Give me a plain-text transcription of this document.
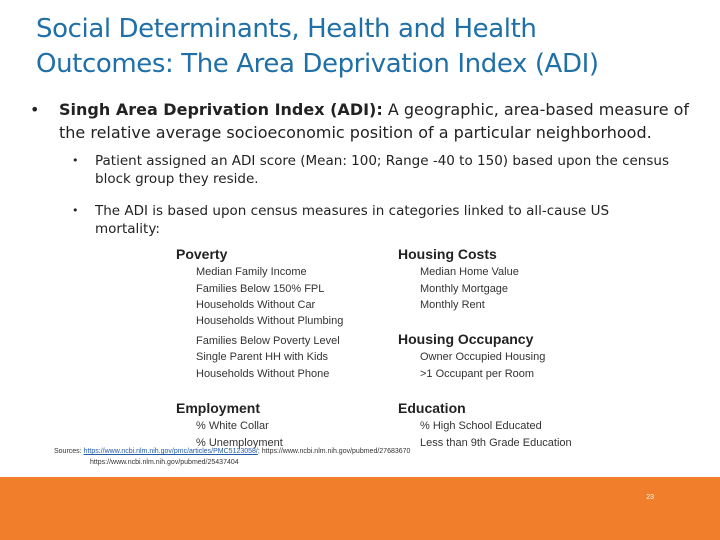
Social Determinants, Health and Health
Outcomes: The Area Deprivation Index (ADI)
• Singh Area Deprivation Index (ADI): A geographic, area-based measure of the relative average socioeconomic position of a particular neighborhood.
• Patient assigned an ADI score (Mean: 100; Range -40 to 150) based upon the census block group they reside.
• The ADI is based upon census measures in categories linked to all-cause US mortality:
Poverty
Median Family Income
Families Below 150% FPL
Households Without Car
Households Without Plumbing
Families Below Poverty Level
Single Parent HH with Kids
Households Without Phone
Housing Costs
Median Home Value
Monthly Mortgage
Monthly Rent
Housing Occupancy
Owner Occupied Housing
>1 Occupant per Room
Employment
% White Collar
% Unemployment
Education
% High School Educated
Less than 9th Grade Education
Sources: https://www.ncbi.nlm.nih.gov/pmc/articles/PMC5123058/; https://www.ncbi.nlm.nih.gov/pubmed/27683670
https://www.ncbi.nlm.nih.gov/pubmed/25437404
23
